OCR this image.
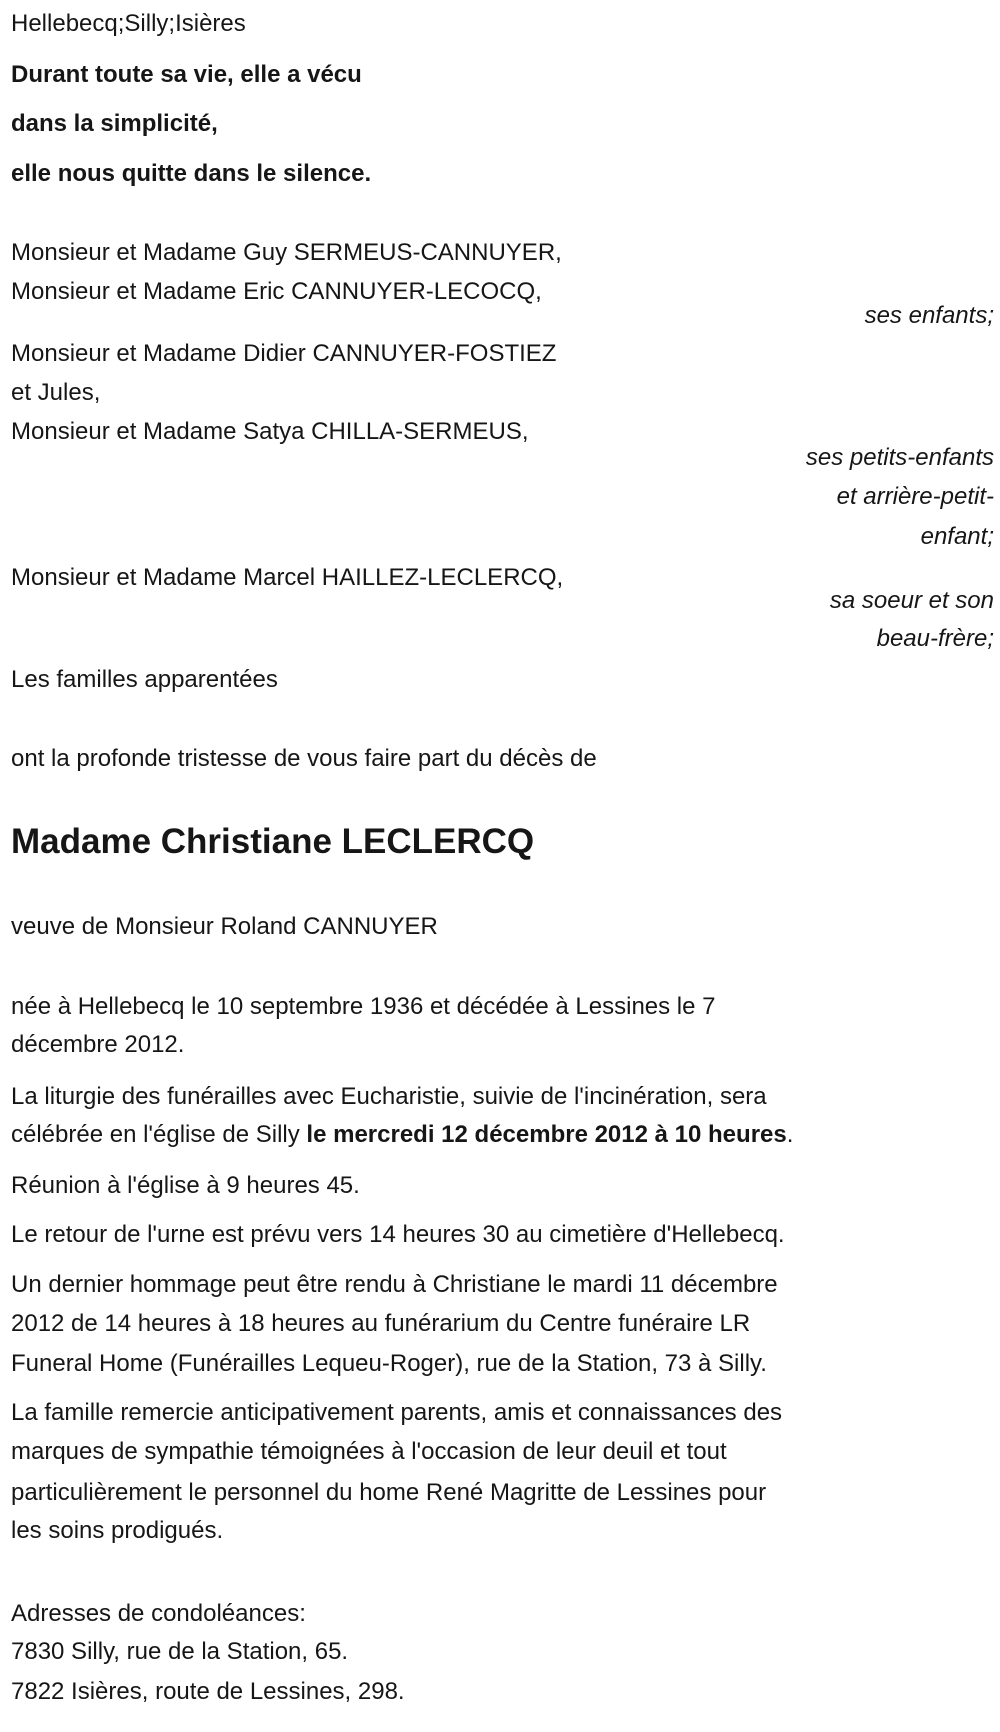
Hellebecq;Silly;Isières
Durant toute sa vie, elle a vécu
dans la simplicité,
elle nous quitte dans le silence.
Monsieur et Madame Guy SERMEUS-CANNUYER,
Monsieur et Madame Eric CANNUYER-LECOCQ,
ses enfants;
Monsieur et Madame Didier CANNUYER-FOSTIEZ
et Jules,
Monsieur et Madame Satya CHILLA-SERMEUS,
ses petits-enfants
et arrière-petit-
enfant;
Monsieur et Madame Marcel HAILLEZ-LECLERCQ,
sa soeur et son
beau-frère;
Les familles apparentées
ont la profonde tristesse de vous faire part du décès de
Madame Christiane LECLERCQ
veuve de Monsieur Roland CANNUYER
née à Hellebecq le 10 septembre 1936 et décédée à Lessines le 7
décembre 2012.
La liturgie des funérailles avec Eucharistie, suivie de l'incinération, sera
célébrée en l'église de Silly le mercredi 12 décembre 2012 à 10 heures.
Réunion à l'église à 9 heures 45.
Le retour de l'urne est prévu vers 14 heures 30 au cimetière d'Hellebecq.
Un dernier hommage peut être rendu à Christiane le mardi 11 décembre
2012 de 14 heures à 18 heures au funérarium du Centre funéraire LR
Funeral Home (Funérailles Lequeu-Roger), rue de la Station, 73 à Silly.
La famille remercie anticipativement parents, amis et connaissances des
marques de sympathie témoignées à l'occasion de leur deuil et tout
particulièrement le personnel du home René Magritte de Lessines pour
les soins prodigués.
Adresses de condoléances:
7830 Silly, rue de la Station, 65.
7822 Isières, route de Lessines, 298.
